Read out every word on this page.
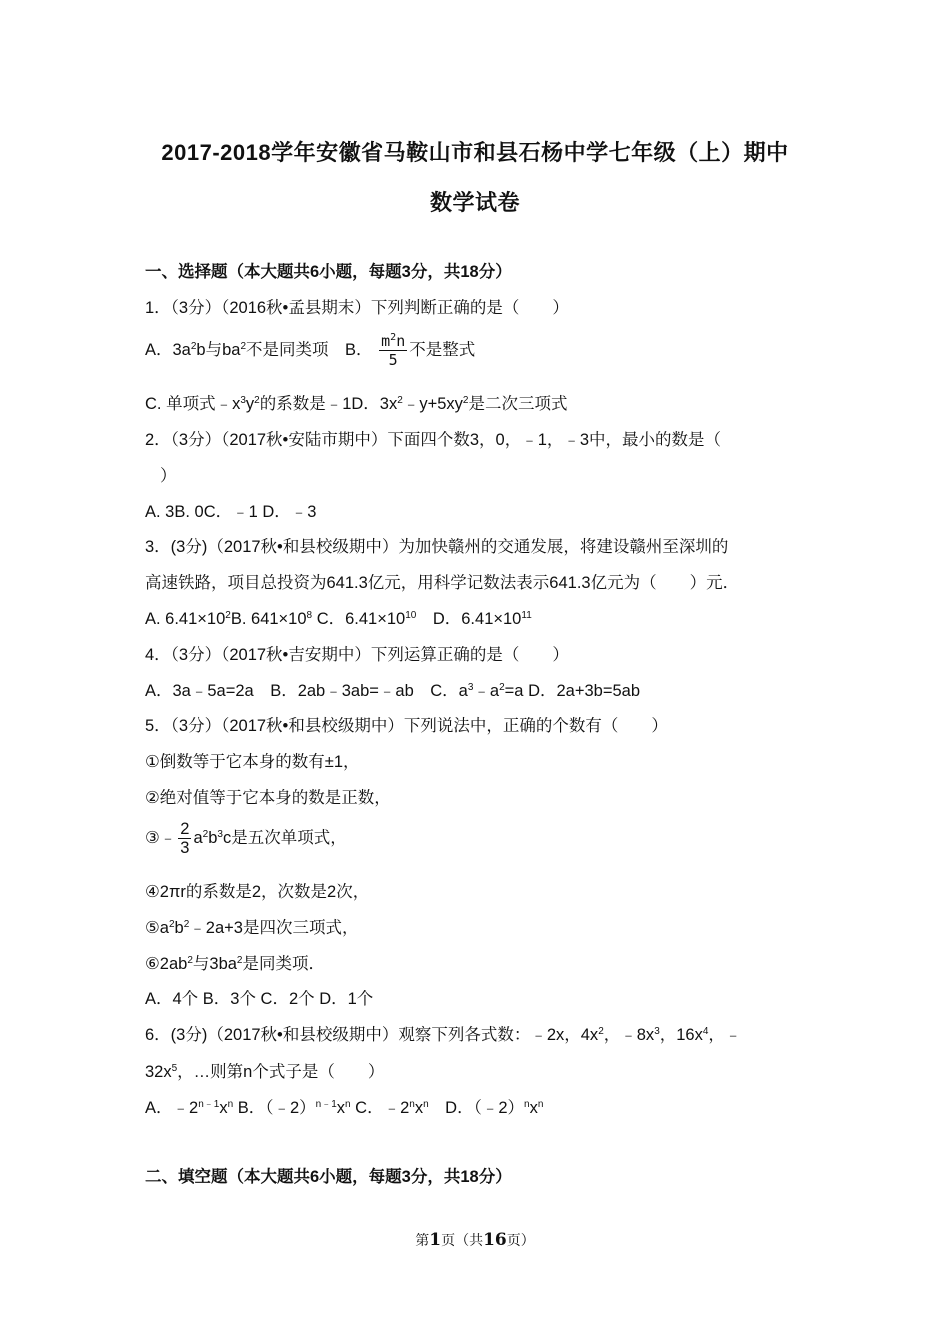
2017-2018学年安徽省马鞍山市和县石杨中学七年级（上）期中
数学试卷
一、选择题（本大题共6小题，每题3分，共18分）
1．（3分）（2016秋•孟县期末）下列判断正确的是（　　）
A．$3a^2b$与$ba^2$不是同类项　B． $\frac{m^2n}{5}$ 不是整式
C. 单项式$﹣x^3y^2$的系数是﹣1D．$3x^2﹣y+5xy^2$是二次三项式
2．（3分）（2017秋•安陆市期中）下面四个数3，0，﹣1，﹣3中，最小的数是（
）
A. 3B. 0C．﹣1 D．﹣3
3．(3分)（2017秋•和县校级期中）为加快赣州的交通发展，将建设赣州至深圳的
高速铁路，项目总投资为641.3亿元，用科学记数法表示641.3亿元为（　　）元．
A. $6.41\times 10^2B$. $641\times 10^8$ C．$6.41\times 10^{10}$　D．$6.41\times 10^{11}$
4．（3分）（2017秋•吉安期中）下列运算正确的是（　　）
A．3a﹣5a=2a　B．2ab﹣3ab=﹣ab　C．$a^3﹣a^2=a$ D．2a+3b=5ab
5．（3分）（2017秋•和县校级期中）下列说法中，正确的个数有（　　）
①倒数等于它本身的数有±1，
②绝对值等于它本身的数是正数，
③﹣ $\frac{2}{3} a^2b^3c$是五次单项式，
④2πr的系数是2，次数是2次，
$⑤a^2b^2﹣2a+3$是四次三项式，
$⑥2ab^2$与$3ba^2$是同类项．
A．4个 B．3个 C．2个 D．1个
6．(3分)（2017秋•和县校级期中）观察下列各式数：﹣2x，$4x^2$，$﹣8x^3$，$16x^4$，﹣
$32x^5$，…则第n个式子是（　　）
A．$﹣2^{n﹣1}x^n$ B．$(﹣2)^{n﹣1}x^n$ C．$﹣2^nx^n$　D．$(﹣2)^nx^n$
二、填空题（本大题共6小题，每题3分，共18分）
第1页（共16页）
